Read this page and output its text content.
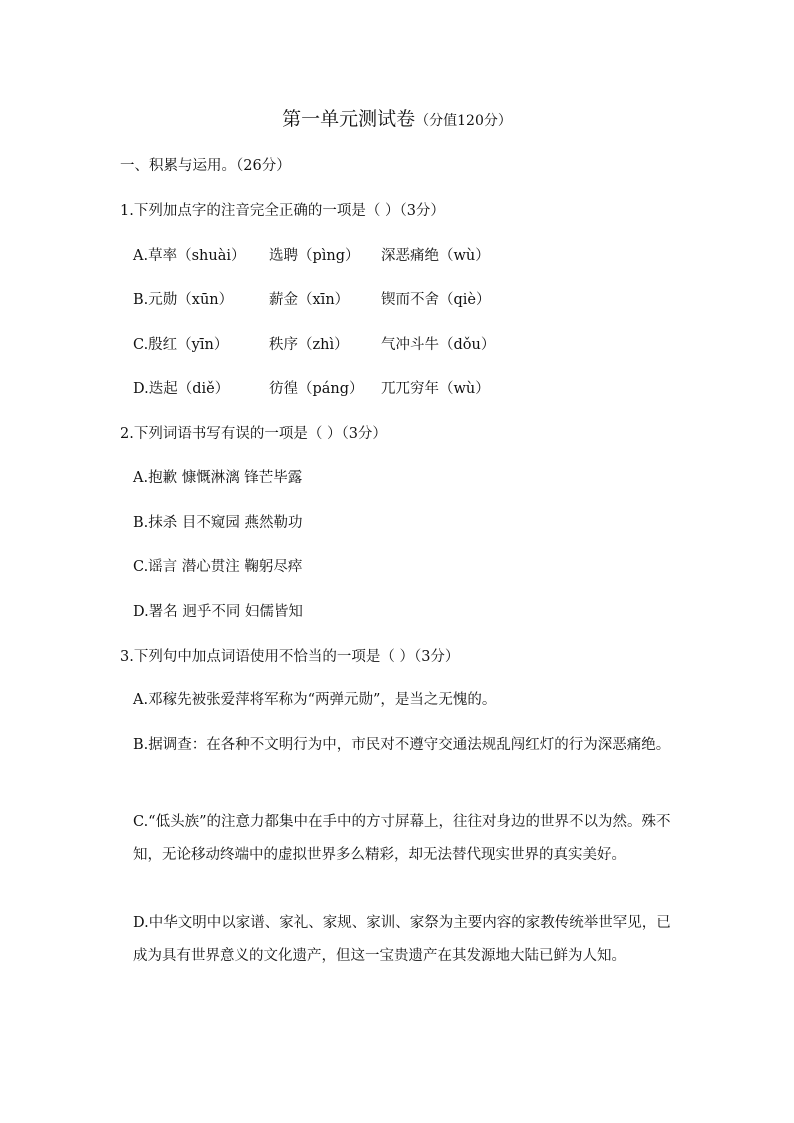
第一单元测试卷（分值120分）
一、积累与运用。（26分）
1.下列加点字的注音完全正确的一项是（ ）（3分）
A.草率（shuài） 选聘（pìng） 深恶痛绝（wù）
B.元勋（xūn） 薪金（xīn） 锲而不舍（qiè）
C.殷红（yīn）	秩序（zhì） 气冲斗牛（dǒu）
D.迭起（diě）	彷徨（páng） 兀兀穷年（wù）
2.下列词语书写有误的一项是（ ）（3分）
A.抱歉 慷慨淋漓 锋芒毕露
B.抹杀 目不窥园 燕然勒功
C.谣言 潜心贯注 鞠躬尽瘁
D.署名 迥乎不同 妇儒皆知
3.下列句中加点词语使用不恰当的一项是（ ）（3分）
A.邓稼先被张爱萍将军称为“两弹元勋”，是当之无愧的。
B.据调查：在各种不文明行为中，市民对不遵守交通法规乱闯红灯的行为深恶痛绝。
C.“低头族”的注意力都集中在手中的方寸屏幕上，往往对身边的世界不以为然。殊不知，无论移动终端中的虚拟世界多么精彩，却无法替代现实世界的真实美好。
D.中华文明中以家谱、家礼、家规、家训、家祭为主要内容的家教传统举世罕见，已成为具有世界意义的文化遗产，但这一宝贵遗产在其发源地大陆已鲜为人知。
